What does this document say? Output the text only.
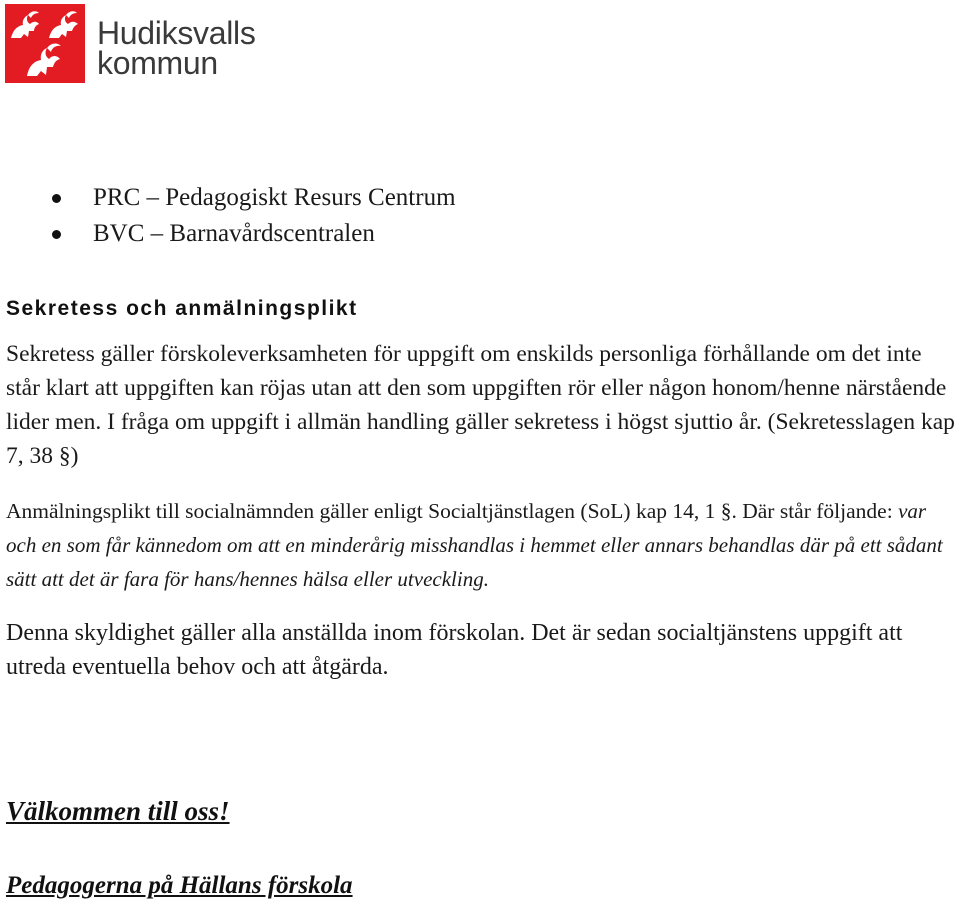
Hudiksvalls
kommun
PRC – Pedagogiskt Resurs Centrum
BVC – Barnavårdscentralen
Sekretess och anmälningsplikt

Sekretess gäller förskoleverksamheten för uppgift om enskilds personliga förhållande om det inte står klart att uppgiften kan röjas utan att den som uppgiften rör eller någon honom/henne närstående lider men. I fråga om uppgift i allmän handling gäller sekretess i högst sjuttio år. (Sekretesslagen kap 7, 38 §)

Anmälningsplikt till socialnämnden gäller enligt Socialtjänstlagen (SoL) kap 14, 1 §. Där står följande: var och en som får kännedom om att en minderårig misshandlas i hemmet eller annars behandlas där på ett sådant sätt att det är fara för hans/hennes hälsa eller utveckling.

Denna skyldighet gäller alla anställda inom förskolan. Det är sedan socialtjänstens uppgift att utreda eventuella behov och att åtgärda.

Välkommen till oss!

Pedagogerna på Hällans förskola
